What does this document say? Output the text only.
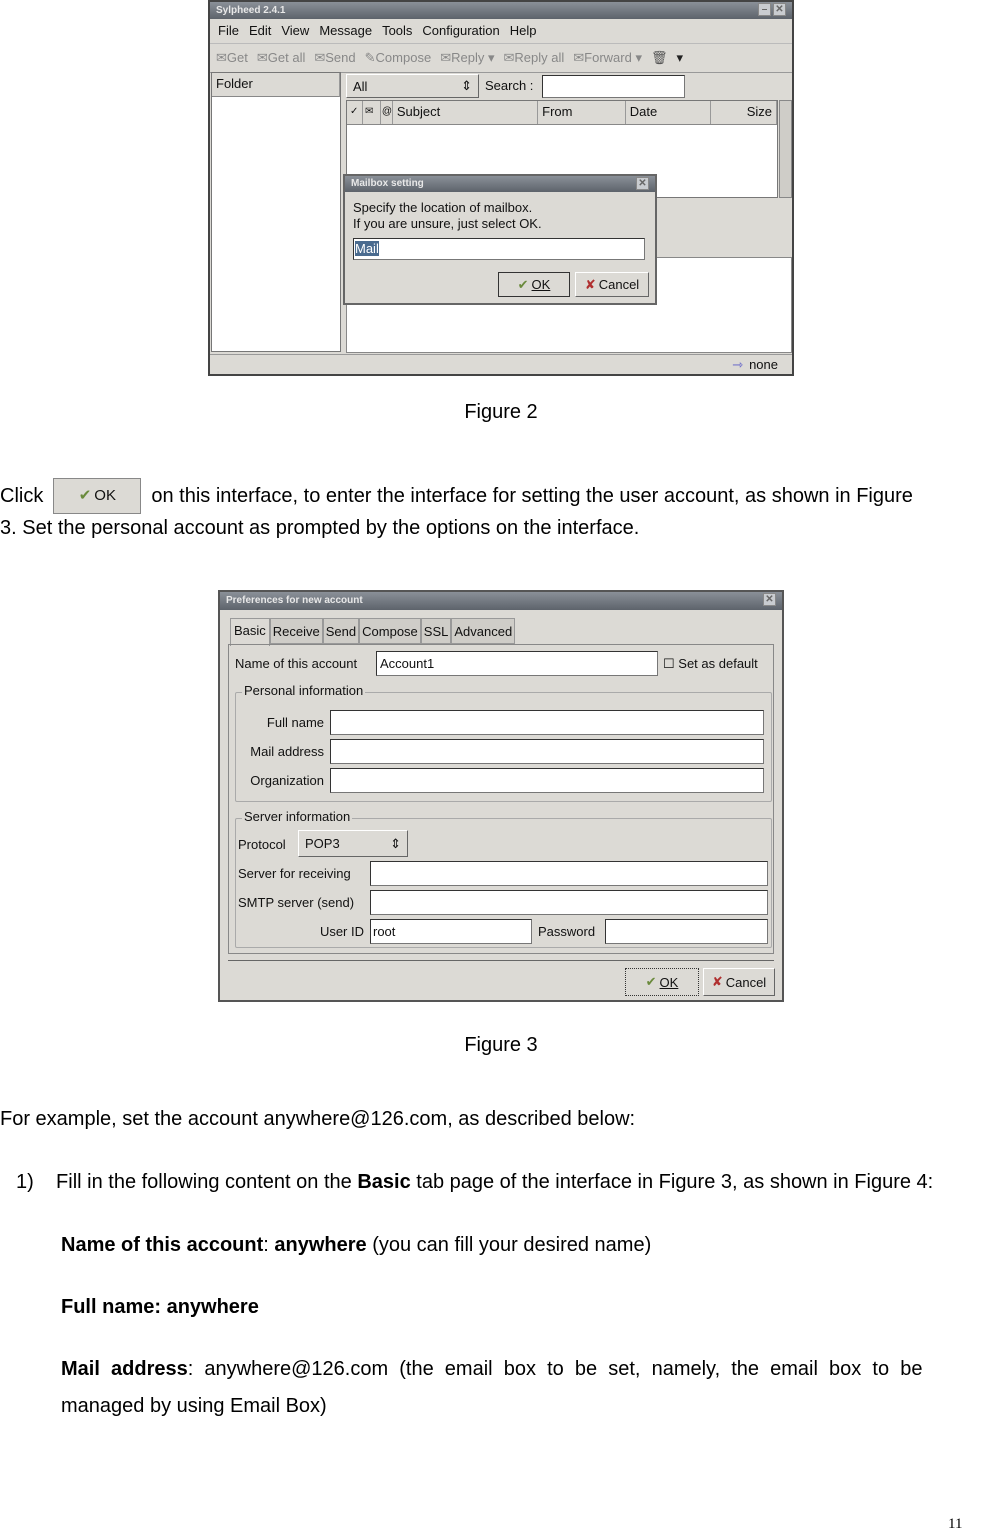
Sylpheed 2.4.1	– ✕
File Edit View Message Tools Configuration Help
✉Get ✉Get all ✉Send ✎Compose ✉Reply ▾ ✉Reply all ✉Forward ▾ 🗑 ▾
Folder	All	⇕ Search :
✓ ✉ @ Subject	From	Date	Size
⇾ none
Mailbox setting	✕
Specify the location of mailbox.
If you are unsure, just select OK.
Mail
✔ OK	✘ Cancel
Figure 2
Click ✔ OK on this interface, to enter the interface for setting the user account, as shown in Figure
3. Set the personal account as prompted by the options on the interface.
Preferences for new account	✕
Basic Receive Send Compose SSL Advanced
Name of this account	Account1	☐ Set as default
Personal information
Full name
Mail address
Organization
Server information
Protocol POP3	⇕
Server for receiving
SMTP server (send)
User ID root	Password
✔ OK	✘ Cancel
Figure 3
For example, set the account anywhere@126.com, as described below:
1) Fill in the following content on the Basic tab page of the interface in Figure 3, as shown in Figure 4:
Name of this account: anywhere (you can fill your desired name)
Full name: anywhere
Mail  address:  anywhere@126.com  (the  email  box  to  be  set,  namely,  the  email  box  to  be
managed by using Email Box)
11
